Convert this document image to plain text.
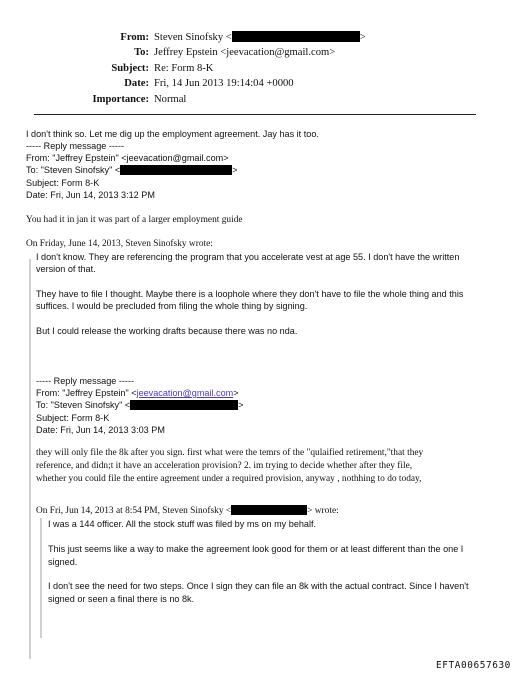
From: Steven Sinofsky <	>
To: Jeffrey Epstein <jeevacation@gmail.com>
Subject: Re: Form 8-K
Date: Fri, 14 Jun 2013 19:14:04 +0000
Importance: Normal
I don't think so. Let me dig up the employment agreement. Jay has it too.
----- Reply message -----
From: "Jeffrey Epstein" <jeevacation@gmail.com>
To: "Steven Sinofsky" <	>
Subject: Form 8-K
Date: Fri, Jun 14, 2013 3:12 PM
You had it in jan it was part of a larger employment guide
On Friday, June 14, 2013, Steven Sinofsky wrote:
I don't know. They are referencing the program that you accelerate vest at age 55. I don't have the written
version of that.
They have to file I thought. Maybe there is a loophole where they don't have to file the whole thing and this
suffices. I would be precluded from filing the whole thing by signing.
But I could release the working drafts because there was no nda.
----- Reply message -----
From: "Jeffrey Epstein" <jeevacation@gmail.com>
To: "Steven Sinofsky" <	>
Subject: Form 8-K
Date: Fri, Jun 14, 2013 3:03 PM
they will only file the 8k after you sign. first what were the temrs of the "qulaified retirement,"that they
reference, and didn;t it have an acceleration provision? 2. im trying to decide whether after they file,
whether you could file the entire agreement under a required provision, anyway , nothhing to do today,
On Fri, Jun 14, 2013 at 8:54 PM, Steven Sinofsky <	> wrote:
I was a 144 officer. All the stock stuff was filed by ms on my behalf.
This just seems like a way to make the agreement look good for them or at least different than the one I
signed.
I don't see the need for two steps. Once I sign they can file an 8k with the actual contract. Since I haven't
signed or seen a final there is no 8k.
EFTA00657630
